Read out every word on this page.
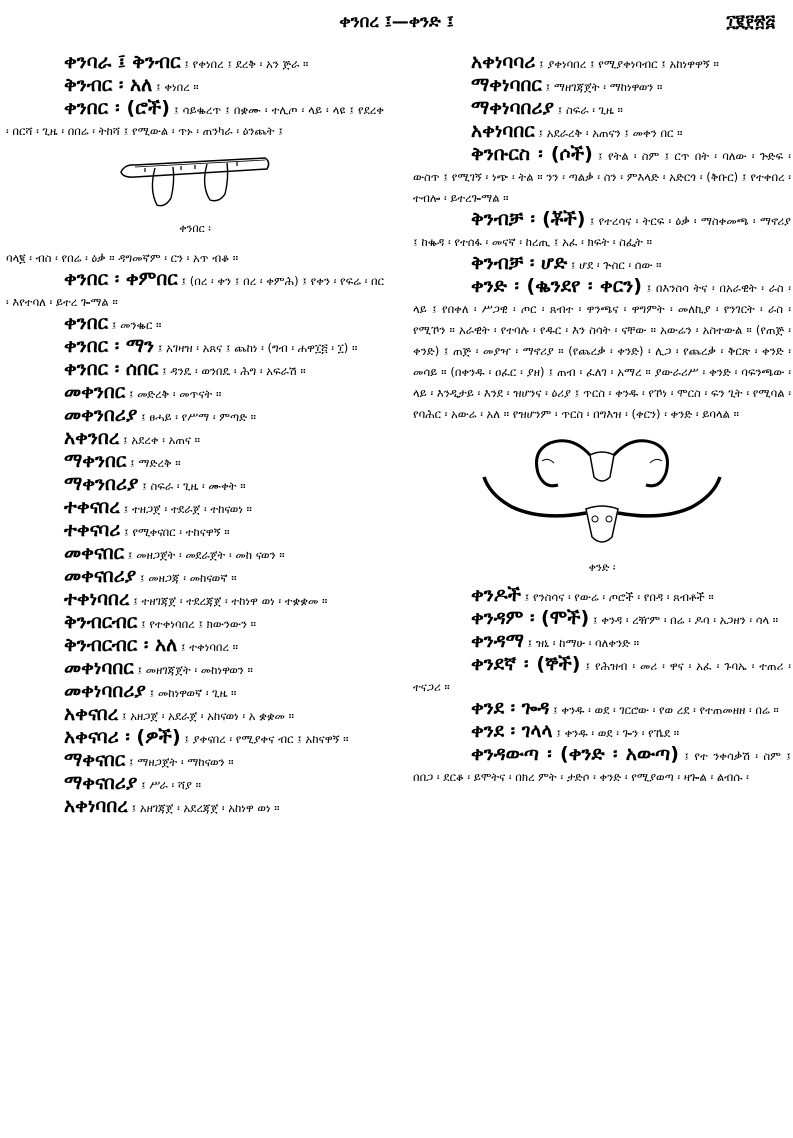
ቀንበረ ፤—ቀንድ ፤	፲፪፻፳፭

ቀንባራ ፤ ቅንብር ፤ የቀነበረ ፤ ደረቅ ፡ አን ጅራ ።

ቅንብር ፡ አለ ፤ ቀነበረ ።

ቀንበር ፡ (ሮች) ፤ ሳይቈረጥ ፤ በቋሙ ፡ ተሊጦ ፡ ላይ ፡ ላዩ ፤ የደረቀ ፡ በርሻ ፡ ጊዜ ፡ በበሬ ፡ ትከሻ ፤ የሚውል ፡ ጥኑ ፡ ጠንካራ ፡ ዕንጨት ፤

ቀንበር ፡

ባላ፪ ፡ ብስ ፡ የበሬ ፡ ዕቃ ። ዳግመኛም ፡ ርን ፡ አጥ ብቆ ።

ቀንበር ፡ ቀምበር ፤ (በረ ፡ ቀን ፤ በረ ፡ ቀምሕ) ፤ የቀን ፡ የፍሬ ፡ በር ፡ እየተባለ ፡ ይተረ ጐማል ።

ቀንበር ፤ መንቈር ።

ቀንበር ፡ ማን ፤ አገዛዝ ፡ አጸና ፤ ጨከነ ፡ (ግብ ፡ ሐዋ፲፭ ፡ ፲) ።

ቀንበር ፡ ሰበር ፤ ዳንዴ ፡ ወንበዴ ፡ ሕግ ፡ አፍራሽ ።

መቀንበር ፤ መድረቅ ፡ መጥናት ።

መቀንበሪያ ፤ ፀሓይ ፡ የሥማ ፡ ምጣድ ።

አቀንበረ ፤ አደረቀ ፡ አጠና ።

ማቀንበር ፤ ማድረቅ ።

ማቀንበሪያ ፤ ስፍራ ፡ ጊዜ ፡ ሙቀት ።

ተቀናበረ ፤ ተዘጋጀ ፡ ተደራጀ ፡ ተከናወነ ።

ተቀናባሪ ፤ የሚቀናበር ፡ ተከናዋኝ ።

መቀናበር ፤ መዘጋጀት ፡ መደራጀት ፡ መከ ናወን ።

መቀናበሪያ ፤ መዘጋጃ ፡ መከናወኛ ።

ተቀነባበረ ፤ ተዘገጃጀ ፡ ተደረጃጀ ፡ ተከነዋ ወነ ፡ ተቋቋመ ።

ቅንብርብር ፤ የተቀነባበረ ፤ ክውንውን ።

ቅንብርብር ፡ አለ ፤ ተቀነባበረ ።

መቀነባበር ፤ መዘገጃጀት ፡ መከነዋወን ።

መቀነባበሪያ ፤ መከነዋወኛ ፡ ጊዜ ።

አቀናበረ ፤ አዘጋጀ ፡ አደራጀ ፡ አከናወነ ፡ አ ቋቋመ ።

አቀናባሪ ፡ (ዎች) ፤ ያቀናበረ ፡ የሚያቀና ብር ፤ አከናዋኝ ።

ማቀናበር ፤ ማዘጋጀት ፡ ማከናወን ።

ማቀናበሪያ ፤ ሥራ ፡ ሻያ ።

አቀነባበረ ፤ አዘገጃጀ ፡ አደረጃጀ ፡ አከነዋ ወነ ።

አቀነባባሪ ፤ ያቀነባበረ ፤ የሚያቀነባብር ፤ አከነዋዋኝ ።

ማቀነባበር ፤ ማዘገጃጀት ፡ ማከነዋወን ።

ማቀነባበሪያ ፤ ስፍራ ፡ ጊዜ ።

አቀነባበር ፤ አደራረቅ ፡ አጠናን ፤ መቀን በር ።

ቅንቡርስ ፡ (ሶች) ፤ የትል ፡ ስም ፤ ርጥ በት ፡ ባለው ፡ ጕድፍ ፡ ውስጥ ፤ የሚገኝ ፡ ነጭ ፡ ትል ። ንን ፡ ጣልቃ ፡ ስን ፡ ምእላድ ፡ አድርጎ ፡ (ቅቡር) ፤ የተቀበረ ፡ ተብሎ ፡ ይተረጐማል ።

ቅንብቻ ፡ (ቾች) ፤ የተረሳና ፡ ትርፍ ፡ ዕቃ ፡ ማስቀመጫ ፡ ማኖሪያ ፤ ከቈዳ ፡ የተሰፋ ፡ መናኛ ፡ ከረጢ ፤ አፈ ፡ ክፍት ፡ ስፌት ።

ቅንብቻ ፡ ሆድ ፤ ሆደ ፡ ጕስር ፡ ሰው ።

ቀንድ ፡ (ቈንደየ ፡ ቀርን) ፤ በእንስሳ ትና ፡ በአራዊት ፡ ራስ ፡ ላይ ፤ የበቀለ ፡ ሥጋዊ ፡ ጦር ፡ ጸብተ ፡ ዋንጫና ፡ ዋግምት ፡ መለኪያ ፡ የንገርት ፡ ራስ ፡ የሚኾን ። አራዊት ፡ የተባሉ ፡ የዱር ፡ እን ስሳት ፡ ናቸው ። አውሬን ፡ አስተውል ። (የጠጅ ፡ ቀንድ) ፤ ጠጅ ፡ መያዣ ፡ ማኖሪያ ። (የጨረቃ ፡ ቀንድ) ፡ ሊጋ ፡ የጨረቃ ፡ ቅርጽ ፡ ቀንድ ፡ መሳይ ። (በቀንዱ ፡ ዐፈር ፡ ያዘ) ፤ ጠብ ፡ ፈለገ ፡ አማረ ። ያውራሪሥ ፡ ቀንድ ፡ ባፍንጫው ፡ ላይ ፡ እንዲታይ ፡ እንደ ፡ ዝሆንና ፡ ዕሪያ ፤ ጥርስ ፡ ቀንዱ ፡ የኾነ ፡ ሞርስ ፡ ፍን ጊት ፡ የሚባል ፡ የባሕር ፡ አውሬ ፡ አለ ። የዝሆንም ፡ ጥርስ ፡ በግእዝ ፡ (ቀርን) ፡ ቀንድ ፡ ይባላል ።

ቀንድ ፡

ቀንዶች ፤ የንስሳና ፡ የውሬ ፡ ጦሮች ፡ የበዳ ፡ ጸብቶች ።

ቀንዳም ፡ (ሞች) ፤ ቀንዳ ፡ ረዥም ፡ በሬ ፡ ዶባ ፡ አጋዘን ፡ ሳላ ።

ቀንዳማ ፤ ዝኒ ፡ ከማሁ ፡ ባለቀንድ ።

ቀንደኛ ፡ (ኞች) ፤ የሕዝብ ፡ መሪ ፡ ዋና ፡ አፈ ፡ ጉባኤ ፡ ተጠሪ ፡ ተናጋሪ ።

ቀንደ ፡ ጐዳ ፤ ቀንዱ ፡ ወደ ፡ ገርሮው ፡ የወ ረደ ፡ የተጠመዘዘ ፡ በሬ ።

ቀንደ ፡ ገላላ ፤ ቀንዱ ፡ ወደ ፡ ጐን ፡ የኼደ ።

ቀንዳውጣ ፡ (ቀንድ ፡ አውጣ) ፤ የተ ንቀሳቃሽ ፡ ስም ፤ በበጋ ፡ ደርቆ ፡ ይሞትና ፡ በክረ ምት ፡ ታድሶ ፡ ቀንድ ፡ የሚያወጣ ፡ ዛጐል ፡ ልብሱ ፡
